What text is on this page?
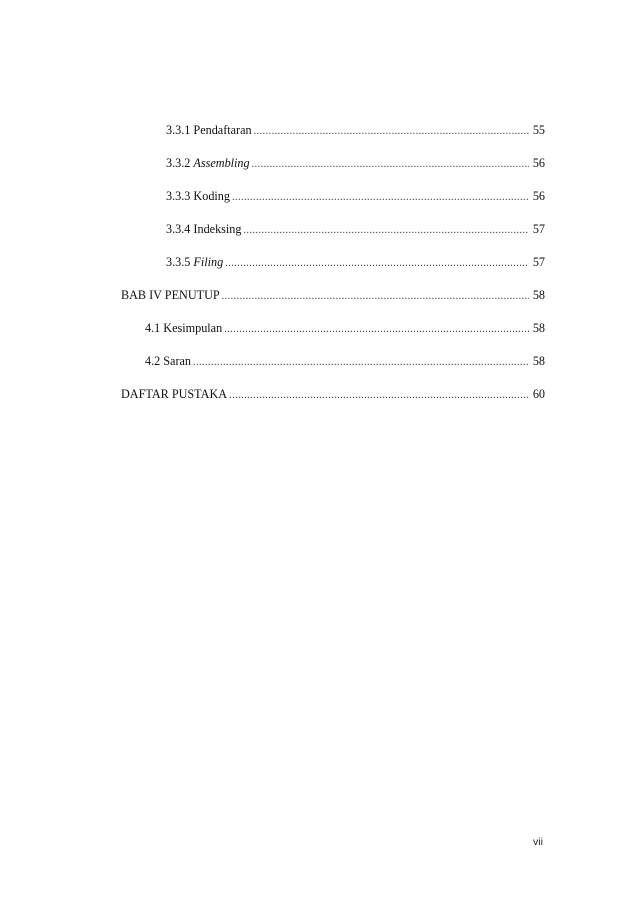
3.3.1 Pendaftaran .....	55
3.3.2 Assembling .....	56
3.3.3 Koding .....	56
3.3.4 Indeksing .....	57
3.3.5 Filing .....	57
BAB IV PENUTUP .....	58
4.1 Kesimpulan .....	58
4.2 Saran .....	58
DAFTAR PUSTAKA .....	60
vii
